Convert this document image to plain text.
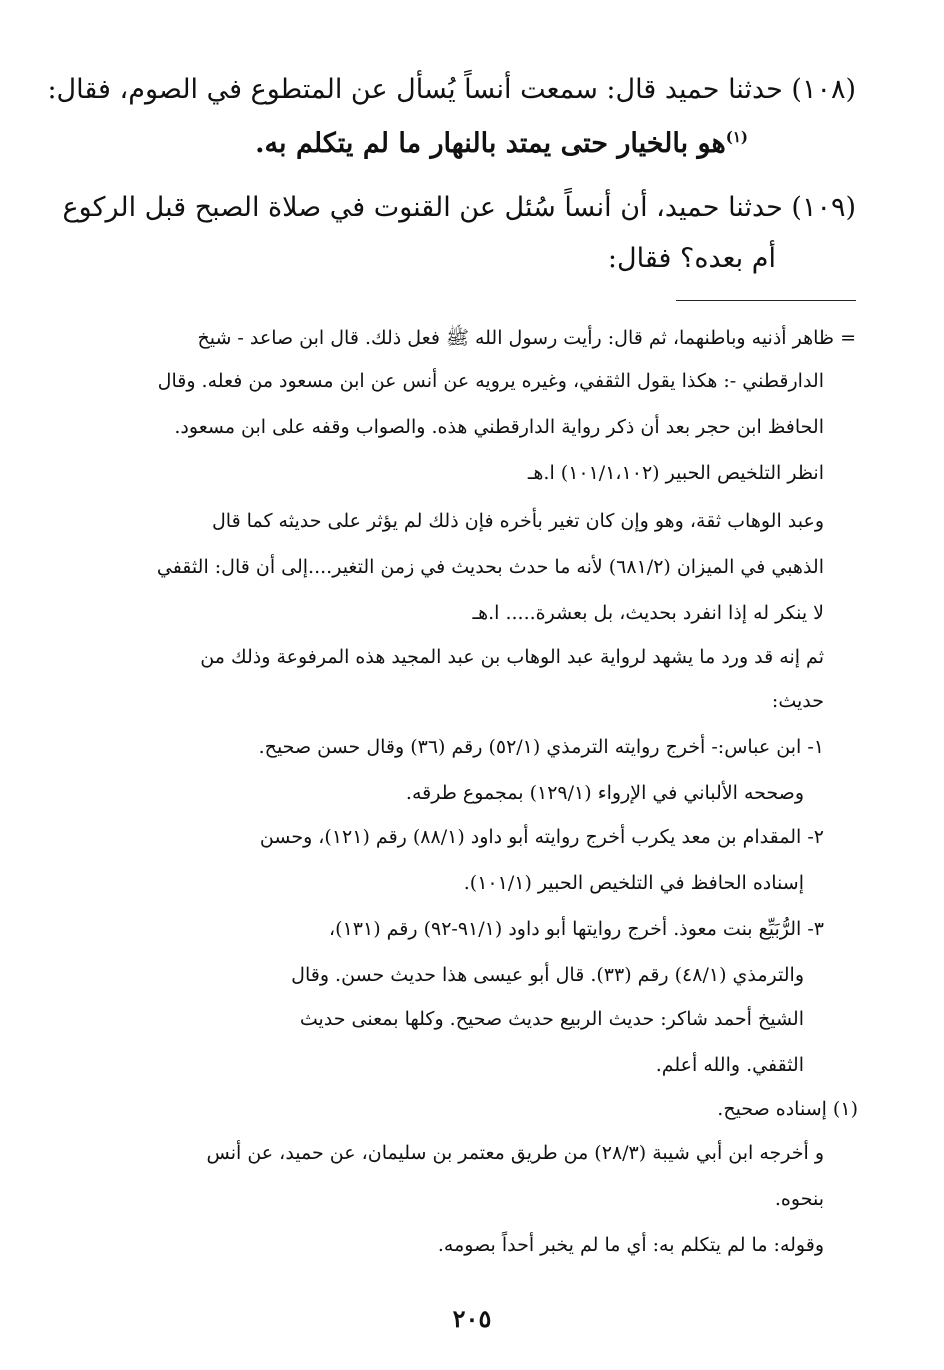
(١٠٨) حدثنا حميد قال: سمعت أنساً يُسأل عن المتطوع في الصوم، فقال:
$^{(١)}$هو بالخيار حتى يمتد بالنهار ما لم يتكلم به.
(١٠٩) حدثنا حميد، أن أنساً سُئل عن القنوت في صلاة الصبح قبل الركوع
أم بعده؟ فقال:
= ظاهر أذنيه وباطنهما، ثم قال: رأيت رسول الله ﷺ فعل ذلك. قال ابن صاعد - شيخ
الدارقطني -: هكذا يقول الثقفي، وغيره يرويه عن أنس عن ابن مسعود من فعله. وقال
الحافظ ابن حجر بعد أن ذكر رواية الدارقطني هذه. والصواب وقفه على ابن مسعود.
انظر التلخيص الحبير (١٠١/١،١٠٢) ا.هـ
وعبد الوهاب ثقة، وهو وإن كان تغير بأخره فإن ذلك لم يؤثر على حديثه كما قال
الذهبي في الميزان (٦٨١/٢) لأنه ما حدث بحديث في زمن التغير....إلى أن قال: الثقفي
لا ينكر له إذا انفرد بحديث، بل بعشرة..... ا.هـ
ثم إنه قد ورد ما يشهد لرواية عبد الوهاب بن عبد المجيد هذه المرفوعة وذلك من
حديث:
١- ابن عباس:- أخرج روايته الترمذي (٥٢/١) رقم (٣٦) وقال حسن صحيح.
وصححه الألباني في الإرواء (١٢٩/١) بمجموع طرقه.
٢- المقدام بن معد يكرب أخرج روايته أبو داود (٨٨/١) رقم (١٢١)، وحسن
إسناده الحافظ في التلخيص الحبير (١٠١/١).
٣- الرُّبَيِّع بنت معوذ. أخرج روايتها أبو داود (٩١/١-٩٢) رقم (١٣١)،
والترمذي (٤٨/١) رقم (٣٣). قال أبو عيسى هذا حديث حسن. وقال
الشيخ أحمد شاكر: حديث الربيع حديث صحيح. وكلها بمعنى حديث
الثقفي. والله أعلم.
(١) إسناده صحيح.
و أخرجه ابن أبي شيبة (٢٨/٣) من طريق معتمر بن سليمان، عن حميد، عن أنس
بنحوه.
وقوله: ما لم يتكلم به: أي ما لم يخبر أحداً بصومه.
٢٠٥
